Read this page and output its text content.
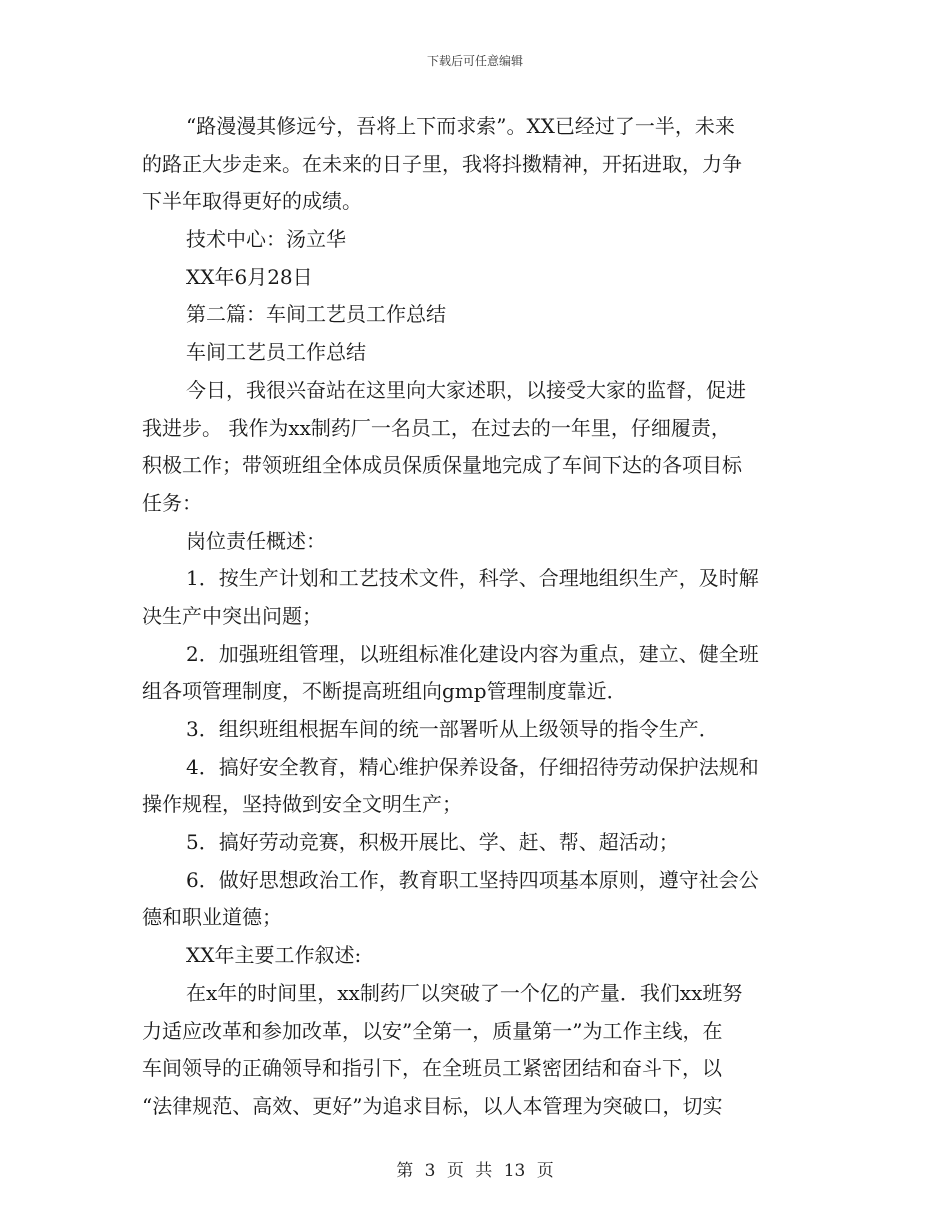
下载后可任意编辑
“路漫漫其修远兮，吾将上下而求索”。XX已经过了一半，未来
的路正大步走来。在未来的日子里，我将抖擞精神，开拓进取，力争
下半年取得更好的成绩。
技术中心：汤立华
XX年6月28日
第二篇：车间工艺员工作总结
车间工艺员工作总结
今日，我很兴奋站在这里向大家述职，以接受大家的监督，促进
我进步。 我作为xx制药厂一名员工，在过去的一年里，仔细履责，
积极工作；带领班组全体成员保质保量地完成了车间下达的各项目标
任务：
岗位责任概述：
1．按生产计划和工艺技术文件，科学、合理地组织生产，及时解
决生产中突出问题；
2．加强班组管理，以班组标准化建设内容为重点，建立、健全班
组各项管理制度，不断提高班组向gmp管理制度靠近．
3．组织班组根据车间的统一部署听从上级领导的指令生产．
4．搞好安全教育，精心维护保养设备，仔细招待劳动保护法规和
操作规程，坚持做到安全文明生产；
5．搞好劳动竞赛，积极开展比、学、赶、帮、超活动；
6．做好思想政治工作，教育职工坚持四项基本原则，遵守社会公
德和职业道德；
XX年主要工作叙述:
在x年的时间里，xx制药厂以突破了一个亿的产量．我们xx班努
力适应改革和参加改革，以安”全第一，质量第一”为工作主线，在
车间领导的正确领导和指引下，在全班员工紧密团结和奋斗下，以
“法律规范、高效、更好”为追求目标，以人本管理为突破口，切实
第 3 页 共 13 页
